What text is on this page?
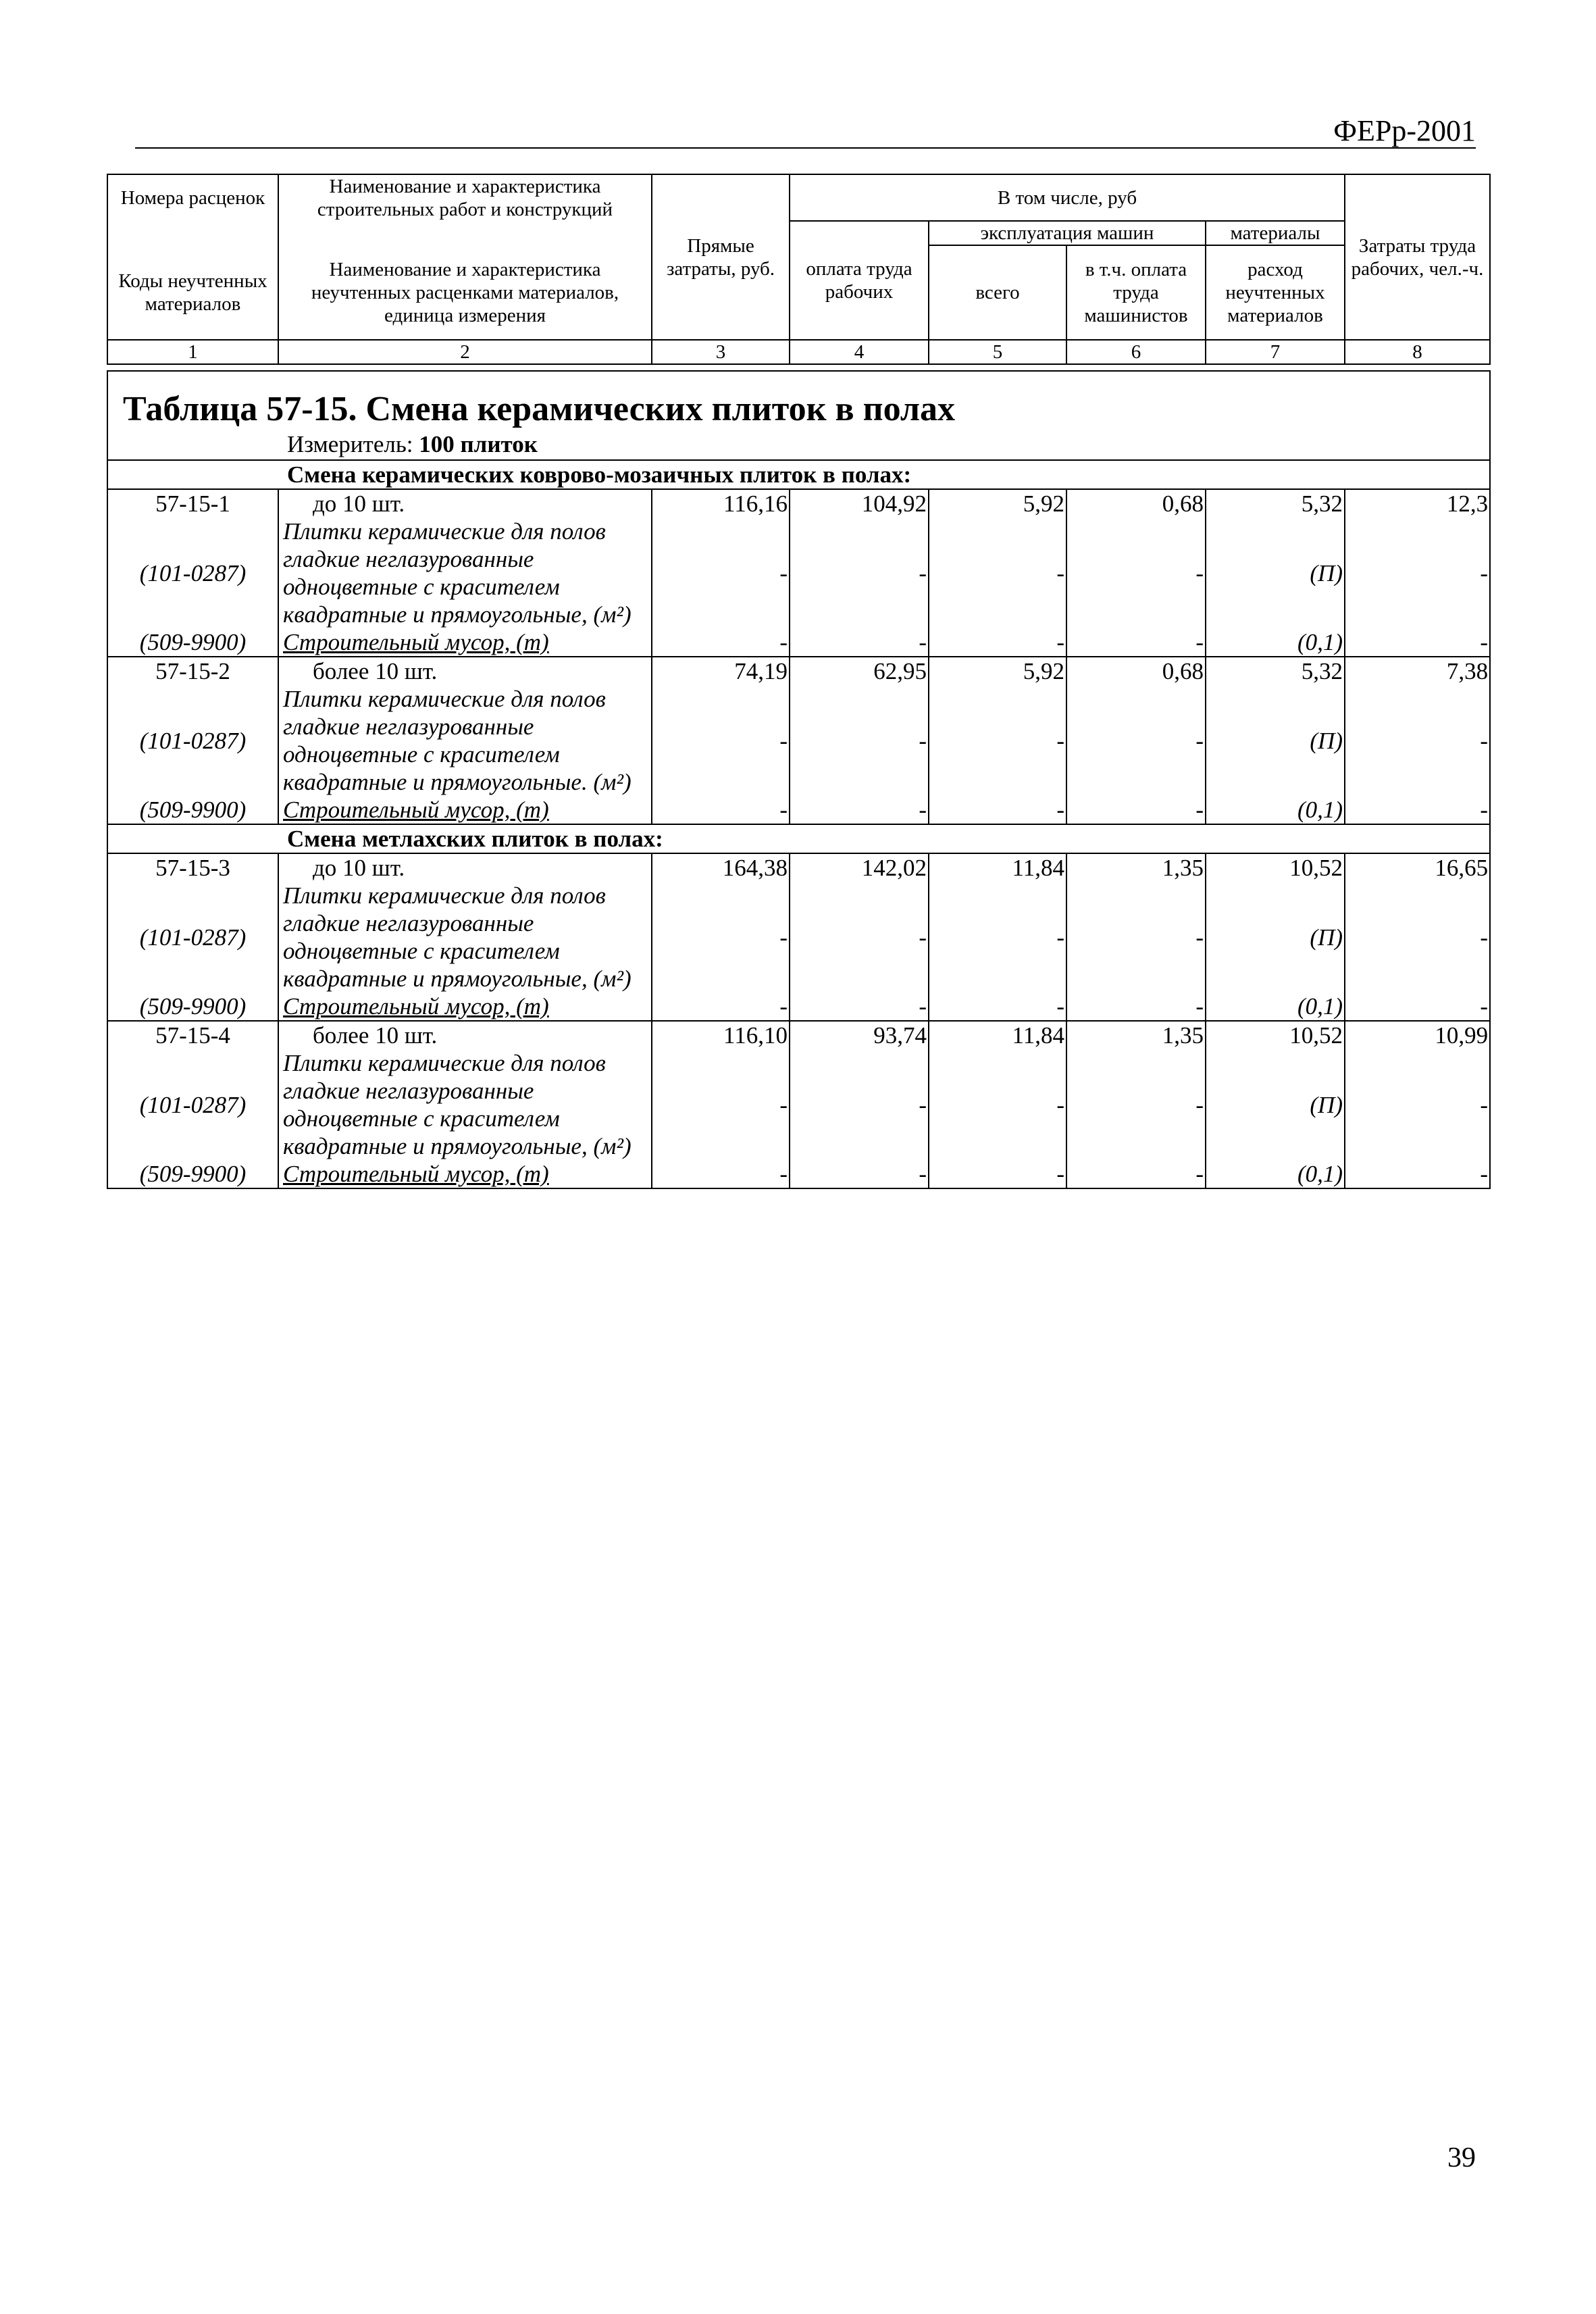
ФЕРр-2001
Номера расценок	Наименование и характеристика строительных работ и конструкций	Прямые затраты, руб.	В том числе, руб				Затраты труда рабочих, чел.-ч.
			оплата труда рабочих	эксплуатация машин		материалы	
Коды неучтенных материалов	Наименование и характеристика неучтенных расценками материалов, единица измерения			всего	в т.ч. оплата труда машинистов	расход неучтенных материалов	

1	2	3	4	5	6	7	8
Таблица 57-15. Смена керамических плиток в полах							
Измеритель: 100 плиток							
Смена керамических коврово-мозаичных плиток в полах:							
57-15-1	до 10 шт.	116,16	104,92	5,92	0,68	5,32	12,3
(101-0287)	Плитки керамические для полов	-	-	-	-	(П)	-
	гладкие неглазурованные						
	одноцветные с красителем						
	квадратные и прямоугольные, (м²)						
(509-9900)	Строительный мусор, (т)	-	-	-	-	(0,1)	-
57-15-2	более 10 шт.	74,19	62,95	5,92	0,68	5,32	7,38
(101-0287)	Плитки керамические для полов	-	-	-	-	(П)	-
	гладкие неглазурованные						
	одноцветные с красителем						
	квадратные и прямоугольные. (м²)						
(509-9900)	Строительный мусор, (т)	-	-	-	-	(0,1)	-
Смена метлахских плиток в полах:							
57-15-3	до 10 шт.	164,38	142,02	11,84	1,35	10,52	16,65
(101-0287)	Плитки керамические для полов	-	-	-	-	(П)	-
	гладкие неглазурованные						
	одноцветные с красителем						
	квадратные и прямоугольные, (м²)						
(509-9900)	Строительный мусор, (т)	-	-	-	-	(0,1)	-
57-15-4	более 10 шт.	116,10	93,74	11,84	1,35	10,52	10,99
(101-0287)	Плитки керамические для полов	-	-	-	-	(П)	-
	гладкие неглазурованные						
	одноцветные с красителем						
	квадратные и прямоугольные, (м²)						
(509-9900)	Строительный мусор, (т)	-	-	-	-	(0,1)	-
39
